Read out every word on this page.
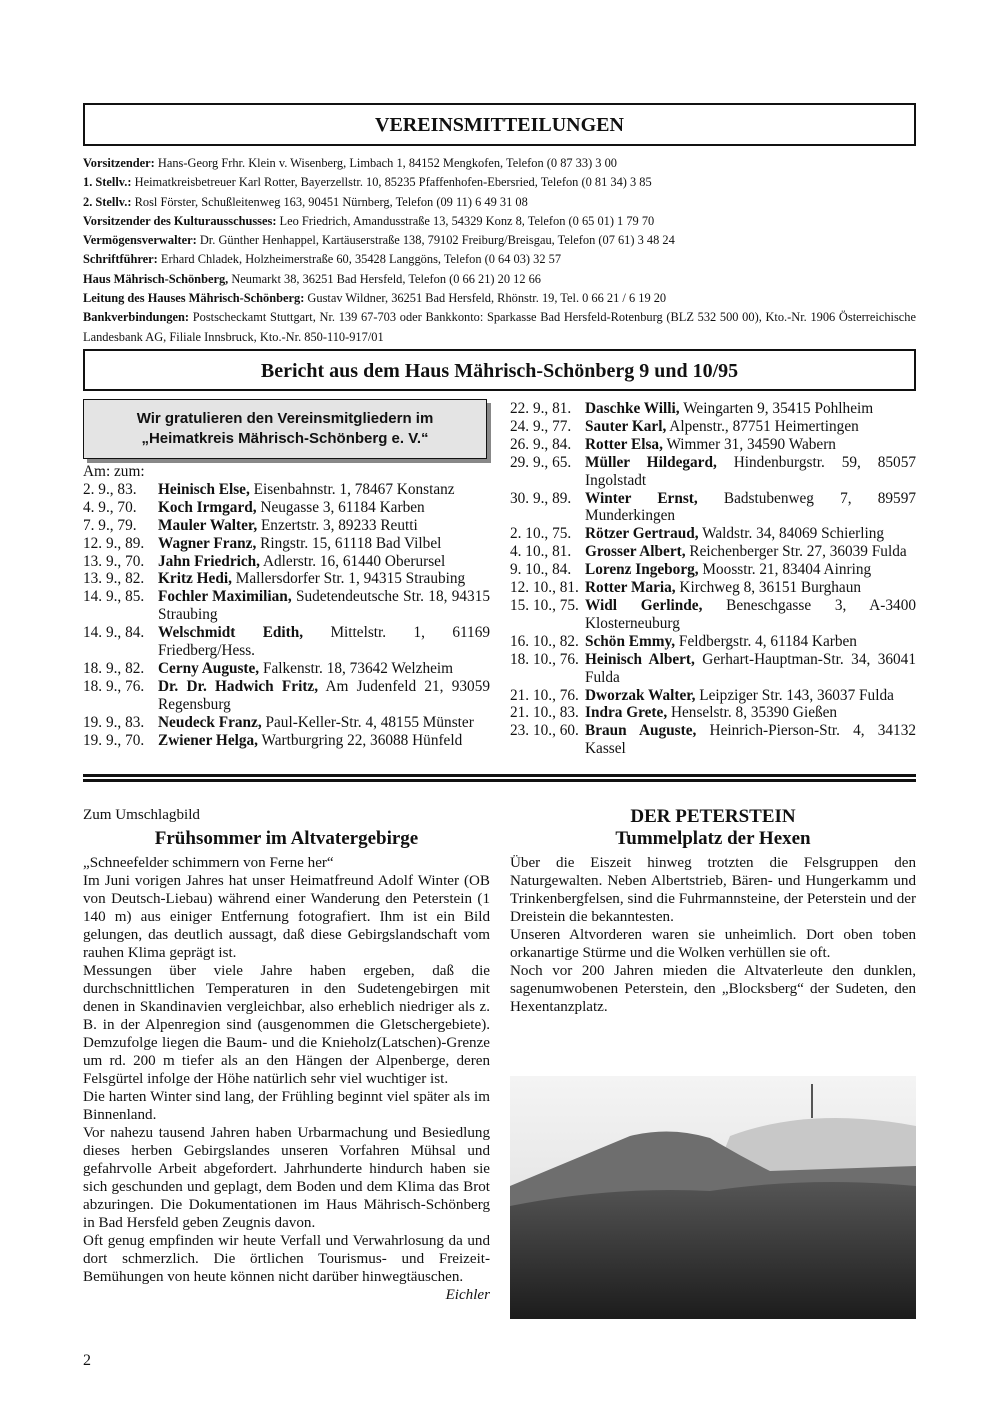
VEREINSMITTEILUNGEN
Vorsitzender: Hans-Georg Frhr. Klein v. Wisenberg, Limbach 1, 84152 Mengkofen, Telefon (0 87 33) 3 00
1. Stellv.: Heimatkreisbetreuer Karl Rotter, Bayerzellstr. 10, 85235 Pfaffenhofen-Ebersried, Telefon (0 81 34) 3 85
2. Stellv.: Rosl Förster, Schußleitenweg 163, 90451 Nürnberg, Telefon (09 11) 6 49 31 08
Vorsitzender des Kulturausschusses: Leo Friedrich, Amandusstraße 13, 54329 Konz 8, Telefon (0 65 01) 1 79 70
Vermögensverwalter: Dr. Günther Henhappel, Kartäuserstraße 138, 79102 Freiburg/Breisgau, Telefon (07 61) 3 48 24
Schriftführer: Erhard Chladek, Holzheimerstraße 60, 35428 Langgöns, Telefon (0 64 03) 32 57
Haus Mährisch-Schönberg, Neumarkt 38, 36251 Bad Hersfeld, Telefon (0 66 21) 20 12 66
Leitung des Hauses Mährisch-Schönberg: Gustav Wildner, 36251 Bad Hersfeld, Rhönstr. 19, Tel. 0 66 21 / 6 19 20
Bankverbindungen: Postscheckamt Stuttgart, Nr. 139 67-703 oder Bankkonto: Sparkasse Bad Hersfeld-Rotenburg (BLZ 532 500 00), Kto.-Nr. 1906 Österreichische Landesbank AG, Filiale Innsbruck, Kto.-Nr. 850-110-917/01
Bericht aus dem Haus Mährisch-Schönberg 9 und 10/95
Wir gratulieren den Vereinsmitgliedern im
„Heimatkreis Mährisch-Schönberg e. V.“
Am: zum:
2. 9., 83.	Heinisch Else, Eisenbahnstr. 1, 78467 Konstanz
4. 9., 70.	Koch Irmgard, Neugasse 3, 61184 Karben
7. 9., 79.	Mauler Walter, Enzertstr. 3, 89233 Reutti
12. 9., 89. Wagner Franz, Ringstr. 15, 61118 Bad Vilbel
13. 9., 70. Jahn Friedrich, Adlerstr. 16, 61440 Oberursel
13. 9., 82. Kritz Hedi, Mallersdorfer Str. 1, 94315 Straubing
14. 9., 85. Fochler Maximilian, Sudetendeutsche Str. 18, 94315 Straubing
14. 9., 84. Welschmidt Edith, Mittelstr. 1, 61169 Friedberg/Hess.
18. 9., 82. Cerny Auguste, Falkenstr. 18, 73642 Welzheim
18. 9., 76. Dr. Dr. Hadwich Fritz, Am Judenfeld 21, 93059 Regensburg
19. 9., 83. Neudeck Franz, Paul-Keller-Str. 4, 48155 Münster
19. 9., 70. Zwiener Helga, Wartburgring 22, 36088 Hünfeld
22. 9., 81. Daschke Willi, Weingarten 9, 35415 Pohlheim
24. 9., 77. Sauter Karl, Alpenstr., 87751 Heimertingen
26. 9., 84. Rotter Elsa, Wimmer 31, 34590 Wabern
29. 9., 65. Müller Hildegard, Hindenburgstr. 59, 85057 Ingolstadt
30. 9., 89. Winter Ernst, Badstubenweg 7, 89597 Munderkingen
2. 10., 75. Rötzer Gertraud, Waldstr. 34, 84069 Schierling
4. 10., 81. Grosser Albert, Reichenberger Str. 27, 36039 Fulda
9. 10., 84. Lorenz Ingeborg, Moosstr. 21, 83404 Ainring
12. 10., 81. Rotter Maria, Kirchweg 8, 36151 Burghaun
15. 10., 75. Widl Gerlinde, Beneschgasse 3, A-3400 Klosterneuburg
16. 10., 82. Schön Emmy, Feldbergstr. 4, 61184 Karben
18. 10., 76. Heinisch Albert, Gerhart-Hauptman-Str. 34, 36041 Fulda
21. 10., 76. Dworzak Walter, Leipziger Str. 143, 36037 Fulda
21. 10., 83. Indra Grete, Henselstr. 8, 35390 Gießen
23. 10., 60. Braun Auguste, Heinrich-Pierson-Str. 4, 34132 Kassel

Zum Umschlagbild

Frühsommer im Altvatergebirge

„Schneefelder schimmern von Ferne her“

Im Juni vorigen Jahres hat unser Heimatfreund Adolf Winter (OB von Deutsch-Liebau) während einer Wanderung den Peterstein (1 140 m) aus einiger Entfernung fotografiert. Ihm ist ein Bild gelungen, das deutlich aussagt, daß diese Gebirgslandschaft vom rauhen Klima geprägt ist.

Messungen über viele Jahre haben ergeben, daß die durchschnittlichen Temperaturen in den Sudetengebirgen mit denen in Skandinavien vergleichbar, also erheblich niedriger als z. B. in der Alpenregion sind (ausgenommen die Gletschergebiete). Demzufolge liegen die Baum- und die Knieholz(Latschen)-Grenze um rd. 200 m tiefer als an den Hängen der Alpenberge, deren Felsgürtel infolge der Höhe natürlich sehr viel wuchtiger ist.

Die harten Winter sind lang, der Frühling beginnt viel später als im Binnenland.

Vor nahezu tausend Jahren haben Urbarmachung und Besiedlung dieses herben Gebirgslandes unseren Vorfahren Mühsal und gefahrvolle Arbeit abgefordert. Jahrhunderte hindurch haben sie sich geschunden und geplagt, dem Boden und dem Klima das Brot abzuringen. Die Dokumentationen im Haus Mährisch-Schönberg in Bad Hersfeld geben Zeugnis davon.

Oft genug empfinden wir heute Verfall und Verwahrlosung da und dort schmerzlich. Die örtlichen Tourismus- und Freizeit-Bemühungen von heute können nicht darüber hinwegtäuschen.

Eichler

DER PETERSTEIN
Tummelplatz der Hexen

Über die Eiszeit hinweg trotzten die Felsgruppen den Naturgewalten. Neben Albertstrieb, Bären- und Hungerkamm und Trinkenbergfelsen, sind die Fuhrmannsteine, der Peterstein und der Dreistein die bekanntesten.

Unseren Altvorderen waren sie unheimlich. Dort oben toben orkanartige Stürme und die Wolken verhüllen sie oft.

Noch vor 200 Jahren mieden die Altvaterleute den dunklen, sagenumwobenen Peterstein, den „Blocksberg“ der Sudeten, den Hexentanzplatz.

2
